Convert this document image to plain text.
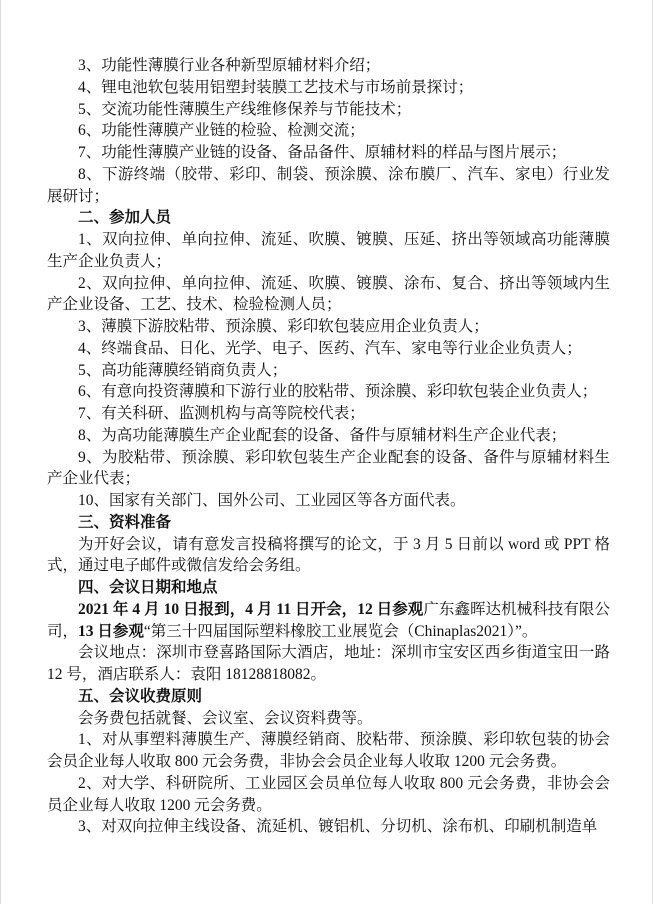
3、功能性薄膜行业各种新型原辅材料介绍；

4、锂电池软包装用铝塑封装膜工艺技术与市场前景探讨；

5、交流功能性薄膜生产线维修保养与节能技术；

6、功能性薄膜产业链的检验、检测交流；

7、功能性薄膜产业链的设备、备品备件、原辅材料的样品与图片展示；

8、下游终端（胶带、彩印、制袋、预涂膜、涂布膜厂、汽车、家电）行业发展研讨；

二、参加人员

1、双向拉伸、单向拉伸、流延、吹膜、镀膜、压延、挤出等领域高功能薄膜生产企业负责人；

2、双向拉伸、单向拉伸、流延、吹膜、镀膜、涂布、复合、挤出等领域内生产企业设备、工艺、技术、检验检测人员；

3、薄膜下游胶粘带、预涂膜、彩印软包装应用企业负责人；

4、终端食品、日化、光学、电子、医药、汽车、家电等行业企业负责人；

5、高功能薄膜经销商负责人；

6、有意向投资薄膜和下游行业的胶粘带、预涂膜、彩印软包装企业负责人；

7、有关科研、监测机构与高等院校代表；

8、为高功能薄膜生产企业配套的设备、备件与原辅材料生产企业代表；

9、为胶粘带、预涂膜、彩印软包装生产企业配套的设备、备件与原辅材料生产企业代表；

10、国家有关部门、国外公司、工业园区等各方面代表。

三、资料准备

为开好会议，请有意发言投稿将撰写的论文，于 3 月 5 日前以 word 或 PPT 格式，通过电子邮件或微信发给会务组。

四、会议日期和地点

2021 年 4 月 10 日报到，4 月 11 日开会，12 日参观广东鑫晖达机械科技有限公司，13 日参观“第三十四届国际塑料橡胶工业展览会（Chinaplas2021）”。

会议地点：深圳市登喜路国际大酒店，地址：深圳市宝安区西乡街道宝田一路 12 号，酒店联系人：袁阳 18128818082。

五、会议收费原则

会务费包括就餐、会议室、会议资料费等。

1、对从事塑料薄膜生产、薄膜经销商、胶粘带、预涂膜、彩印软包装的协会会员企业每人收取 800 元会务费，非协会会员企业每人收取 1200 元会务费。

2、对大学、科研院所、工业园区会员单位每人收取 800 元会务费，非协会会员企业每人收取 1200 元会务费。

3、对双向拉伸主线设备、流延机、镀铝机、分切机、涂布机、印刷机制造单
